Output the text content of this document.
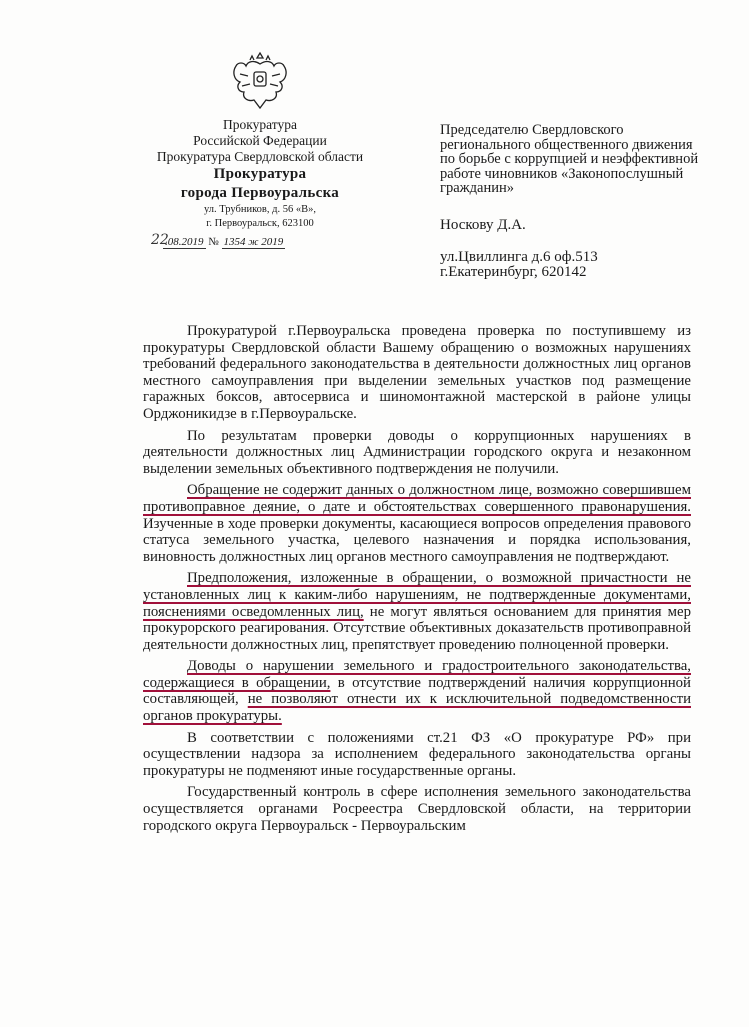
Прокуратура
Российской Федерации
Прокуратура Свердловской области
Прокуратура
города Первоуральска
ул. Трубников, д. 56 «В»,
г. Первоуральск, 623100
22
.08.2019 № 1354 ж 2019
Председателю Свердловского регионального общественного движения по борьбе с коррупцией и неэффективной работе чиновников «Законопослушный гражданин»
Носкову Д.А.
ул.Цвиллинга д.6 оф.513
г.Екатеринбург, 620142

Прокуратурой г.Первоуральска проведена проверка по поступившему из прокуратуры Свердловской области Вашему обращению о возможных нарушениях требований федерального законодательства в деятельности должностных лиц органов местного самоуправления при выделении земельных участков под размещение гаражных боксов, автосервиса и шиномонтажной мастерской в районе улицы Орджоникидзе в г.Первоуральске.

По результатам проверки доводы о коррупционных нарушениях в деятельности должностных лиц Администрации городского округа и незаконном выделении земельных объективного подтверждения не получили.

Обращение не содержит данных о должностном лице, возможно совершившем противоправное деяние, о дате и обстоятельствах совершенного правонарушения. Изученные в ходе проверки документы, касающиеся вопросов определения правового статуса земельного участка, целевого назначения и порядка использования, виновность должностных лиц органов местного самоуправления не подтверждают.

Предположения, изложенные в обращении, о возможной причастности не установленных лиц к каким-либо нарушениям, не подтвержденные документами, пояснениями осведомленных лиц, не могут являться основанием для принятия мер прокурорского реагирования. Отсутствие объективных доказательств противоправной деятельности должностных лиц, препятствует проведению полноценной проверки.

Доводы о нарушении земельного и градостроительного законодательства, содержащиеся в обращении, в отсутствие подтверждений наличия коррупционной составляющей, не позволяют отнести их к исключительной подведомственности органов прокуратуры.

В соответствии с положениями ст.21 ФЗ «О прокуратуре РФ» при осуществлении надзора за исполнением федерального законодательства органы прокуратуры не подменяют иные государственные органы.

Государственный контроль в сфере исполнения земельного законодательства осуществляется органами Росреестра Свердловской области, на территории городского округа Первоуральск - Первоуральским
